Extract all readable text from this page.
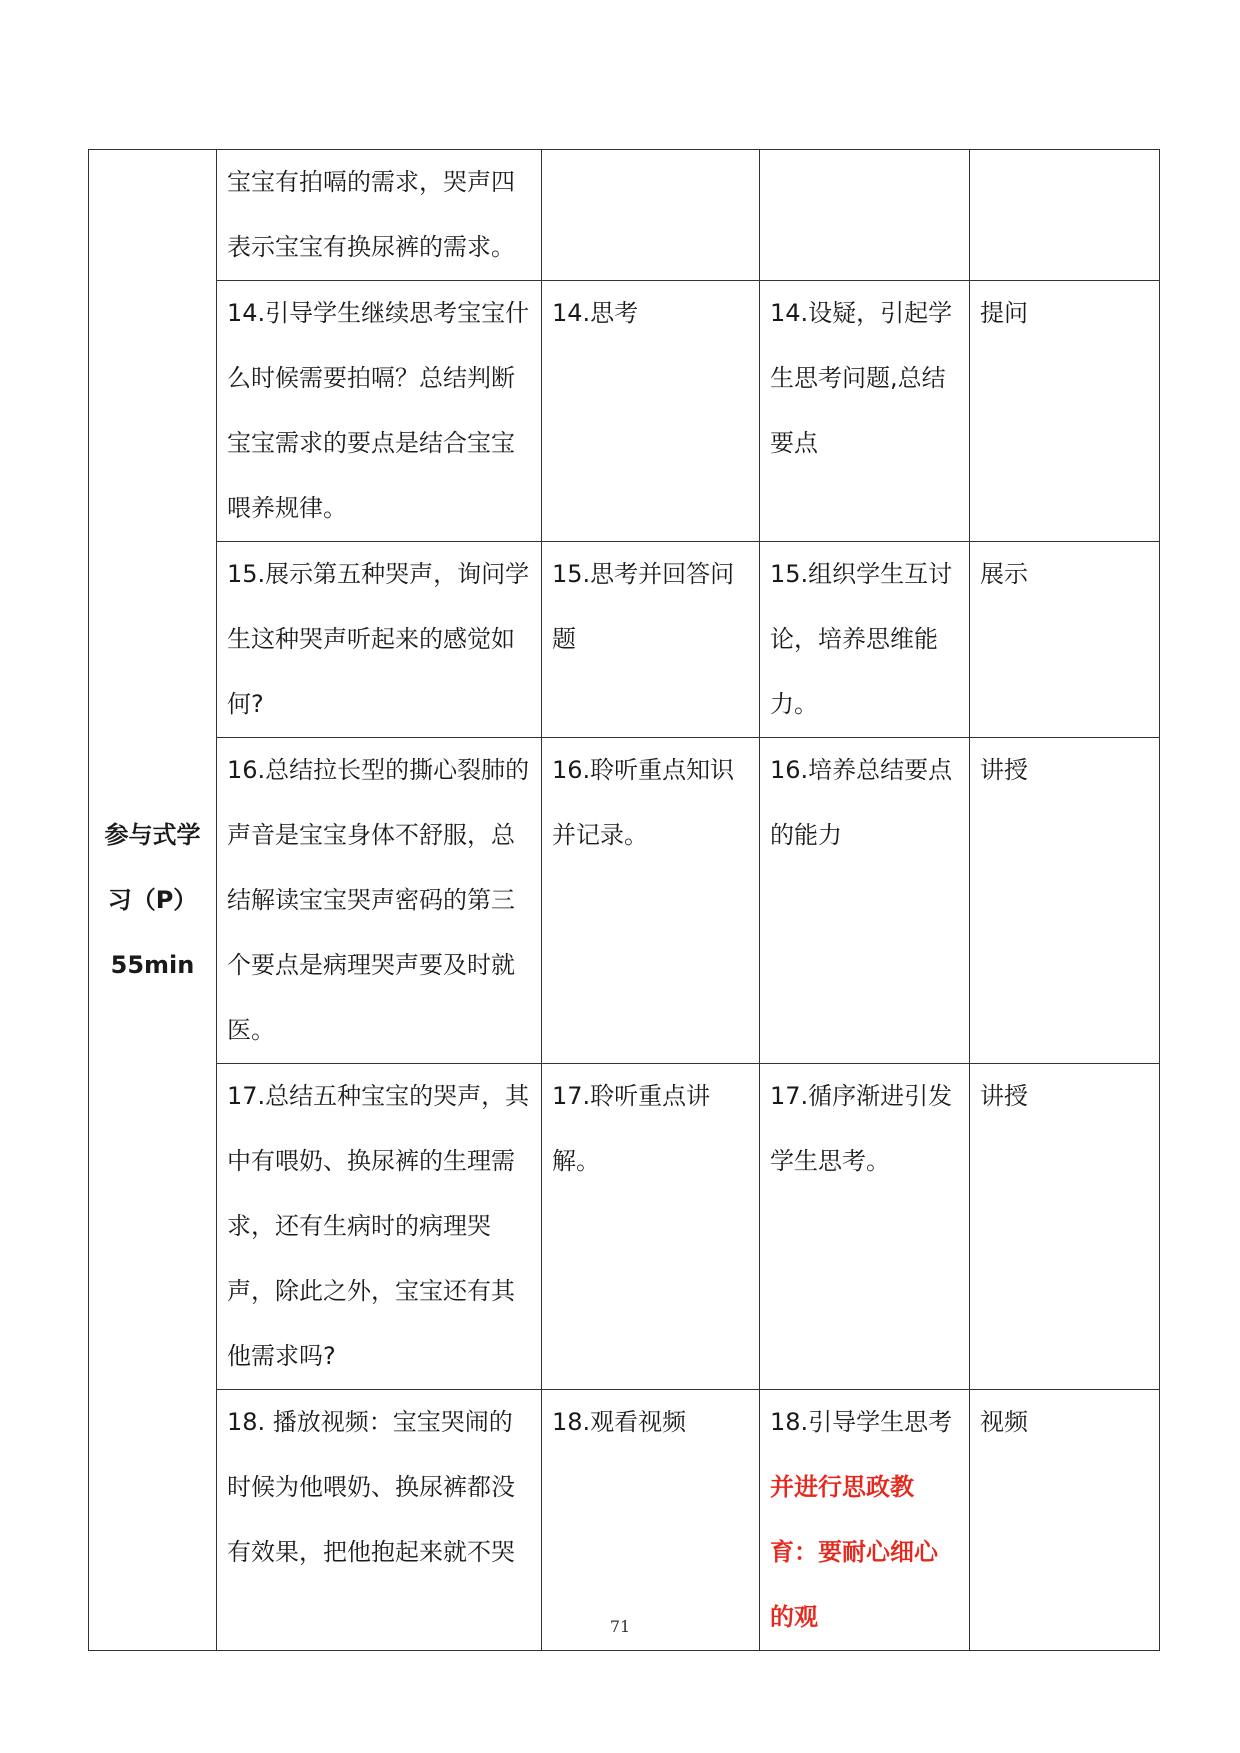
参与式学
习（P）
55min	宝宝有拍嗝的需求，哭声四表示宝宝有换尿裤的需求。			

	14.引导学生继续思考宝宝什么时候需要拍嗝？总结判断宝宝需求的要点是结合宝宝喂养规律。	14.思考	14.设疑，引起学生思考问题,总结要点	提问

	15.展示第五种哭声，询问学生这种哭声听起来的感觉如何?	15.思考并回答问题	15.组织学生互讨论，培养思维能力。	展示

	16.总结拉长型的撕心裂肺的声音是宝宝身体不舒服，总结解读宝宝哭声密码的第三个要点是病理哭声要及时就医。	16.聆听重点知识并记录。	16.培养总结要点的能力	讲授

	17.总结五种宝宝的哭声，其中有喂奶、换尿裤的生理需求，还有生病时的病理哭声，除此之外，宝宝还有其他需求吗?	17.聆听重点讲解。	17.循序渐进引发学生思考。	讲授

	18. 播放视频：宝宝哭闹的时候为他喂奶、换尿裤都没有效果，把他抱起来就不哭	18.观看视频	18.引导学生思考
并进行思政教育：要耐心细心的观	视频
71
